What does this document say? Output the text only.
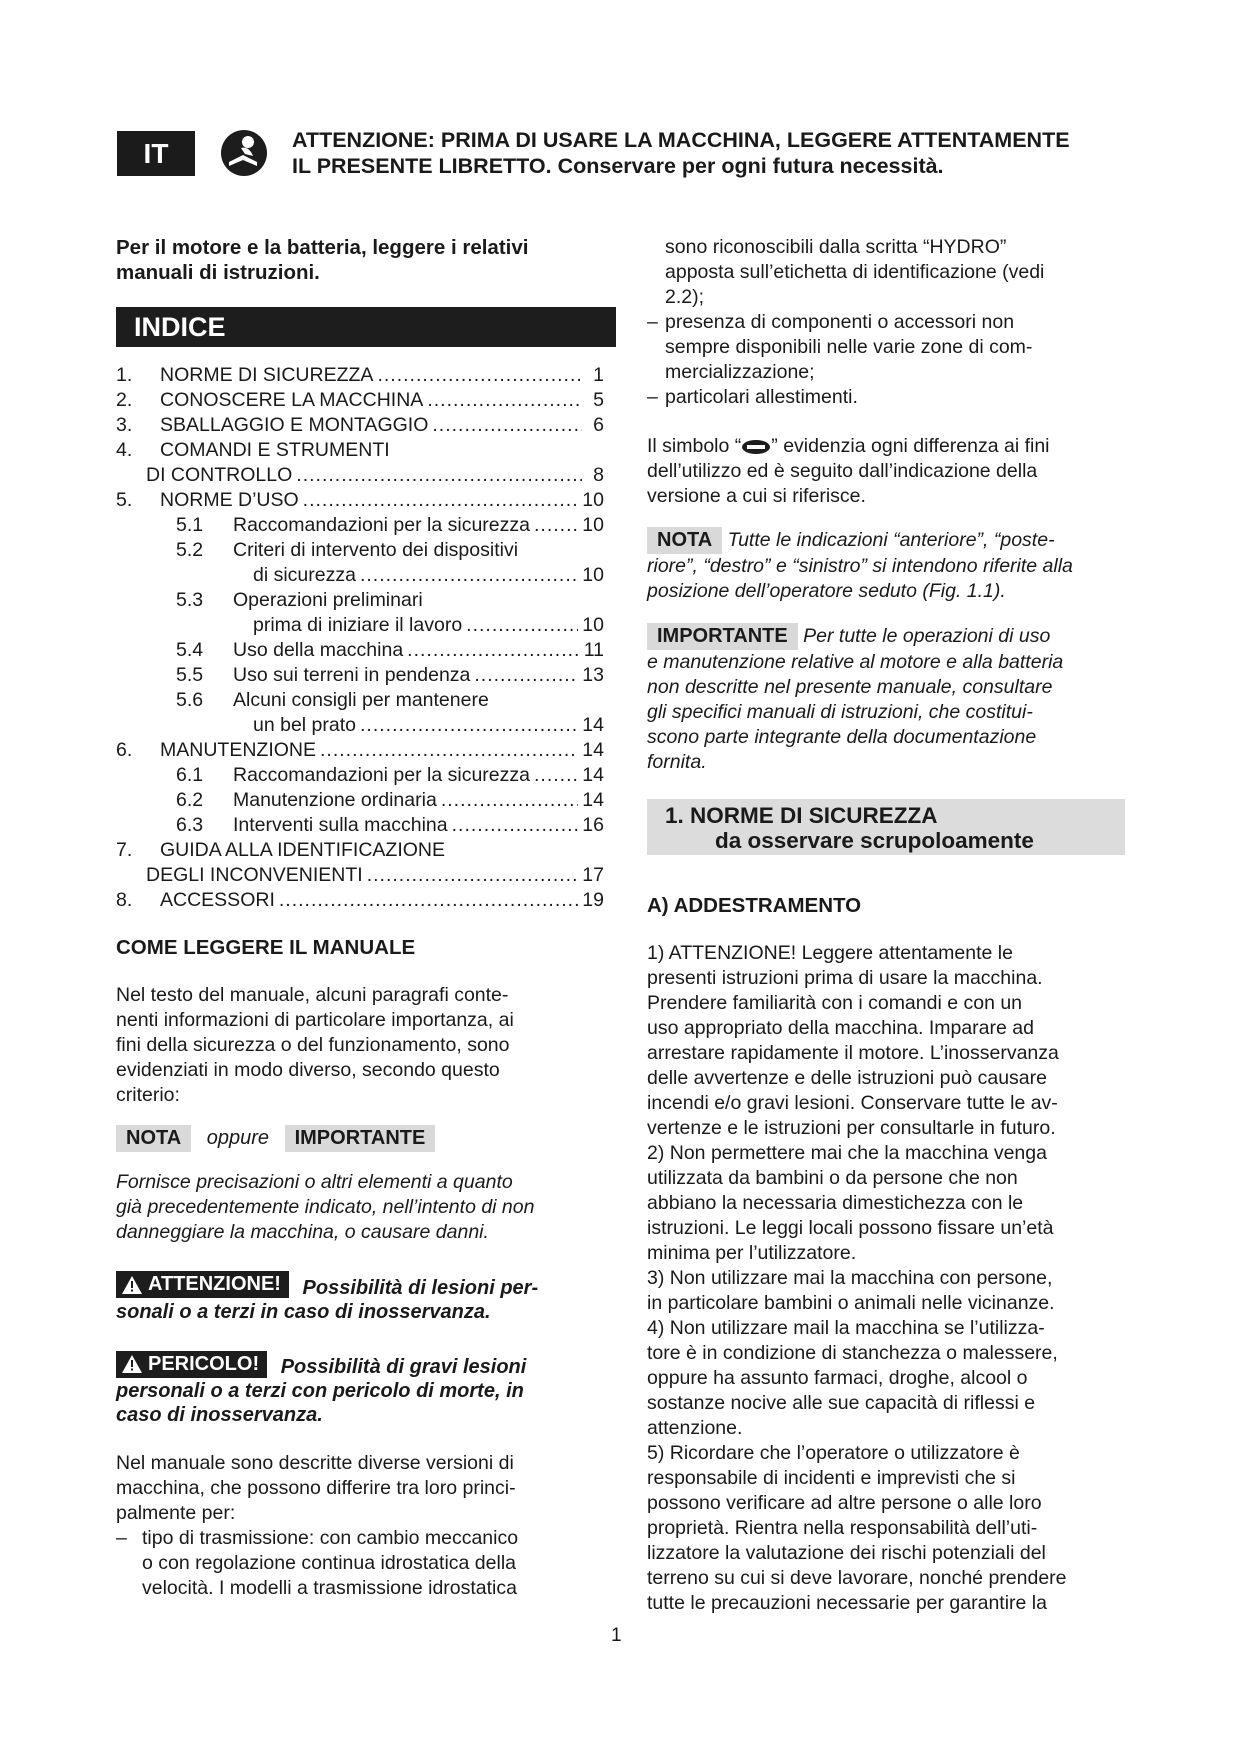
IT	ATTENZIONE: PRIMA DI USARE LA MACCHINA, LEGGERE ATTENTAMENTE
IL PRESENTE LIBRETTO. Conservare per ogni futura necessità.

Per il motore e la batteria, leggere i relativi

manuali di istruzioni.

INDICE
1.	NORME DI SICUREZZA .....	1
2.	CONOSCERE LA MACCHINA .....	5
3.	SBALLAGGIO E MONTAGGIO .....	6
4.	COMANDI E STRUMENTI
DI CONTROLLO .....	8
5.	NORME D’USO .....	10
5.1	Raccomandazioni per la sicurezza .....	10
5.2	Criteri di intervento dei dispositivi
di sicurezza .....	10
5.3	Operazioni preliminari
prima di iniziare il lavoro .....	10
5.4	Uso della macchina .....	11
5.5	Uso sui terreni in pendenza .....	13
5.6	Alcuni consigli per mantenere
un bel prato .....	14
6.	MANUTENZIONE .....	14
6.1	Raccomandazioni per la sicurezza .....	14
6.2	Manutenzione ordinaria .....	14
6.3	Interventi sulla macchina .....	16
7.	GUIDA ALLA IDENTIFICAZIONE
DEGLI INCONVENIENTI .....	17
8.	ACCESSORI .....	19

COME LEGGERE IL MANUALE

Nel testo del manuale, alcuni paragrafi conte-

nenti informazioni di particolare importanza, ai

fini della sicurezza o del funzionamento, sono

evidenziati in modo diverso, secondo questo

criterio:

NOTA oppure IMPORTANTE

Fornisce precisazioni o altri elementi a quanto

già precedentemente indicato, nell’intento di non

danneggiare la macchina, o causare danni.

ATTENZIONE! Possibilità di lesioni per-
sonali o a terzi in caso di inosservanza.
PERICOLO! Possibilità di gravi lesioni
personali o a terzi con pericolo di morte, in
caso di inosservanza.

Nel manuale sono descritte diverse versioni di

macchina, che possono differire tra loro princi-

palmente per:

– tipo di trasmissione: con cambio meccanico

o con regolazione continua idrostatica della

velocità. I modelli a trasmissione idrostatica

sono riconoscibili dalla scritta “HYDRO”

apposta sull’etichetta di identificazione (vedi

2.2);

– presenza di componenti o accessori non

sempre disponibili nelle varie zone di com-

mercializzazione;

– particolari allestimenti.

Il simbolo “ ” evidenzia ogni differenza ai fini

dell’utilizzo ed è seguito dall’indicazione della

versione a cui si riferisce.

NOTA Tutte le indicazioni “anteriore”, “poste-

riore”, “destro” e “sinistro” si intendono riferite alla

posizione dell’operatore seduto (Fig. 1.1).

IMPORTANTE Per tutte le operazioni di uso

e manutenzione relative al motore e alla batteria

non descritte nel presente manuale, consultare

gli specifici manuali di istruzioni, che costitui-

scono parte integrante della documentazione

fornita.

1. NORME DI SICUREZZA
da osservare scrupoloamente

A) ADDESTRAMENTO

1) ATTENZIONE! Leggere attentamente le

presenti istruzioni prima di usare la macchina.

Prendere familiarità con i comandi e con un

uso appropriato della macchina. Imparare ad

arrestare rapidamente il motore. L’inosservanza

delle avvertenze e delle istruzioni può causare

incendi e/o gravi lesioni. Conservare tutte le av-

vertenze e le istruzioni per consultarle in futuro.

2) Non permettere mai che la macchina venga

utilizzata da bambini o da persone che non

abbiano la necessaria dimestichezza con le

istruzioni. Le leggi locali possono fissare un’età

minima per l’utilizzatore.

3) Non utilizzare mai la macchina con persone,

in particolare bambini o animali nelle vicinanze.

4) Non utilizzare mail la macchina se l’utilizza-

tore è in condizione di stanchezza o malessere,

oppure ha assunto farmaci, droghe, alcool o

sostanze nocive alle sue capacità di riflessi e

attenzione.

5) Ricordare che l’operatore o utilizzatore è

responsabile di incidenti e imprevisti che si

possono verificare ad altre persone o alle loro

proprietà. Rientra nella responsabilità dell’uti-

lizzatore la valutazione dei rischi potenziali del

terreno su cui si deve lavorare, nonché prendere

tutte le precauzioni necessarie per garantire la

1
